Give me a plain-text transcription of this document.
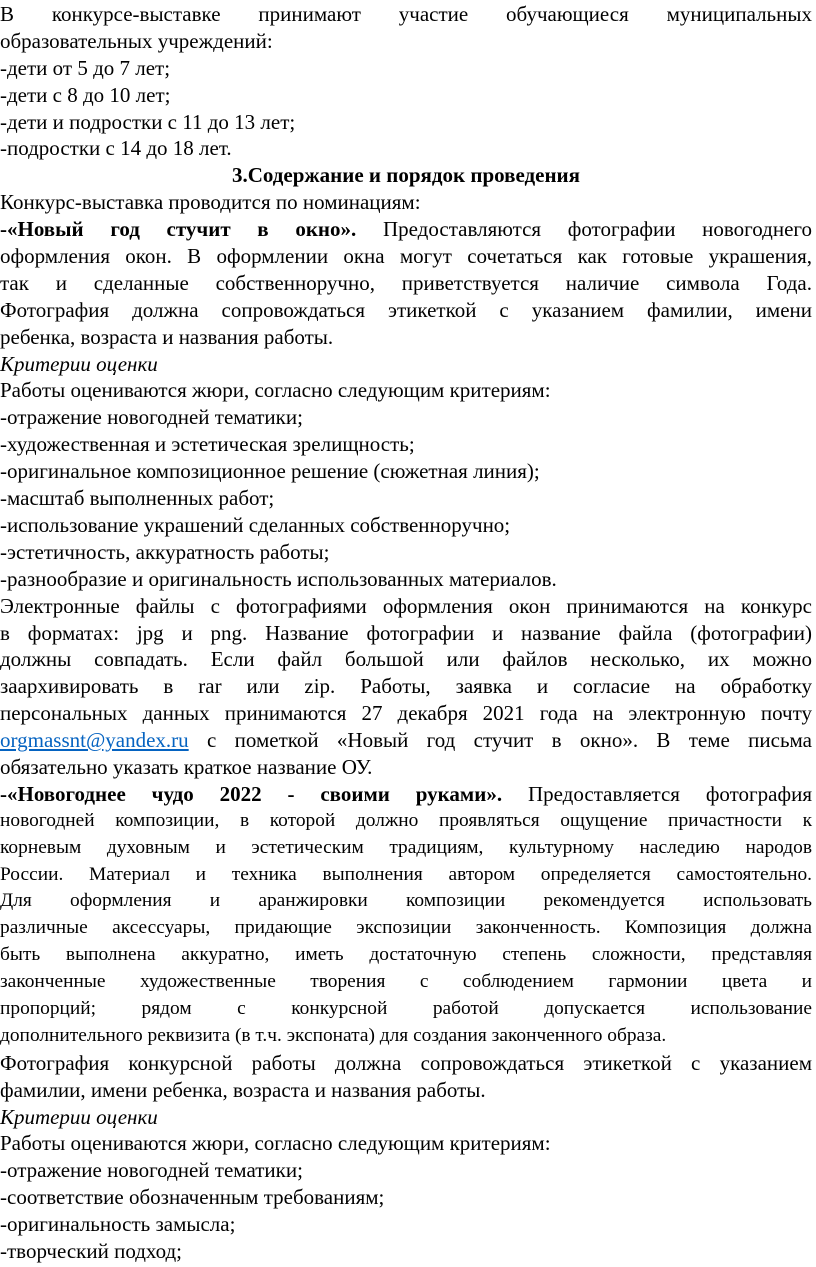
В конкурсе-выставке принимают участие обучающиеся муниципальных
образовательных учреждений:
-дети от 5 до 7 лет;
-дети с 8 до 10 лет;
-дети и подростки с 11 до 13 лет;
-подростки с 14 до 18 лет.
3.Содержание и порядок проведения
Конкурс-выставка проводится по номинациям:
-«Новый год стучит в окно». Предоставляются фотографии новогоднего
оформления окон. В оформлении окна могут сочетаться как готовые украшения,
так и сделанные собственноручно, приветствуется наличие символа Года.
Фотография должна сопровождаться этикеткой с указанием фамилии, имени
ребенка, возраста и названия работы.
Критерии оценки
Работы оцениваются жюри, согласно следующим критериям:
-отражение новогодней тематики;
-художественная и эстетическая зрелищность;
-оригинальное композиционное решение (сюжетная линия);
-масштаб выполненных работ;
-использование украшений сделанных собственноручно;
-эстетичность, аккуратность работы;
-разнообразие и оригинальность использованных материалов.
Электронные файлы с фотографиями оформления окон принимаются на конкурс
в форматах: jpg и png. Название фотографии и название файла (фотографии)
должны совпадать. Если файл большой или файлов несколько, их можно
заархивировать в rar или zip. Работы, заявка и согласие на обработку
персональных данных принимаются 27 декабря 2021 года на электронную почту
orgmassnt@yandex.ru с пометкой «Новый год стучит в окно». В теме письма
обязательно указать краткое название ОУ.
-«Новогоднее чудо 2022 - своими руками». Предоставляется фотография
новогодней композиции, в которой должно проявляться ощущение причастности к
корневым духовным и эстетическим традициям, культурному наследию народов
России. Материал и техника выполнения автором определяется самостоятельно.
Для оформления и аранжировки композиции рекомендуется использовать
различные аксессуары, придающие экспозиции законченность. Композиция должна
быть выполнена аккуратно, иметь достаточную степень сложности, представляя
законченные художественные творения с соблюдением гармонии цвета и
пропорций; рядом с конкурсной работой допускается использование
дополнительного реквизита (в т.ч. экспоната) для создания законченного образа.
Фотография конкурсной работы должна сопровождаться этикеткой с указанием
фамилии, имени ребенка, возраста и названия работы.
Критерии оценки
Работы оцениваются жюри, согласно следующим критериям:
-отражение новогодней тематики;
-соответствие обозначенным требованиям;
-оригинальность замысла;
-творческий подход;
